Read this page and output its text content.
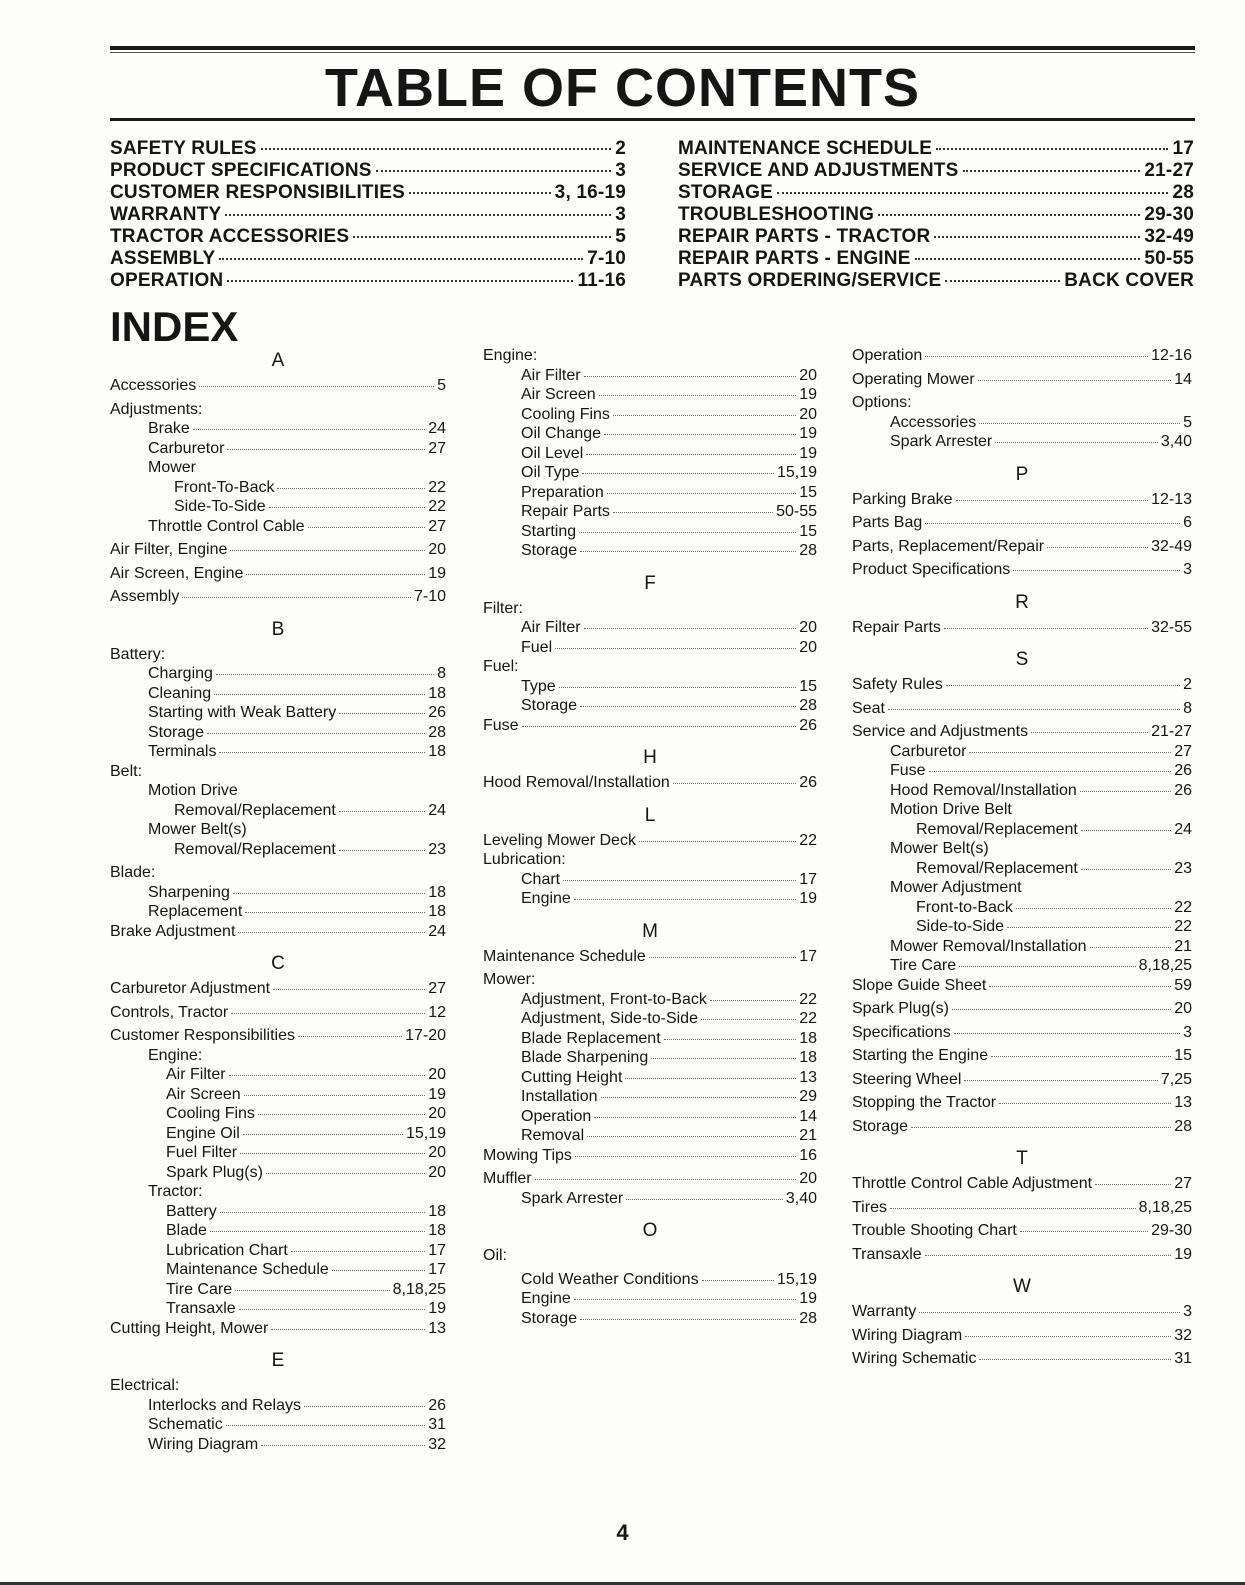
TABLE OF CONTENTS
SAFETY RULES	2
PRODUCT SPECIFICATIONS	3
CUSTOMER RESPONSIBILITIES	3, 16-19
WARRANTY	3
TRACTOR ACCESSORIES	5
ASSEMBLY	7-10
OPERATION	11-16
MAINTENANCE SCHEDULE	17
SERVICE AND ADJUSTMENTS	21-27
STORAGE	28
TROUBLESHOOTING	29-30
REPAIR PARTS - TRACTOR	32-49
REPAIR PARTS - ENGINE	50-55
PARTS ORDERING/SERVICE	BACK COVER
INDEX
A
Accessories	5
Adjustments:
Brake	24
Carburetor	27
Mower
Front-To-Back	22
Side-To-Side	22
Throttle Control Cable	27
Air Filter, Engine	20
Air Screen, Engine	19
Assembly	7-10
B
Battery:
Charging	8
Cleaning	18
Starting with Weak Battery	26
Storage	28
Terminals	18
Belt:
Motion Drive
Removal/Replacement	24
Mower Belt(s)
Removal/Replacement	23
Blade:
Sharpening	18
Replacement	18
Brake Adjustment	24
C
Carburetor Adjustment	27
Controls, Tractor	12
Customer Responsibilities	17-20
Engine:
Air Filter	20
Air Screen	19
Cooling Fins	20
Engine Oil	15,19
Fuel Filter	20
Spark Plug(s)	20
Tractor:
Battery	18
Blade	18
Lubrication Chart	17
Maintenance Schedule	17
Tire Care	8,18,25
Transaxle	19
Cutting Height, Mower	13
E
Electrical:
Interlocks and Relays	26
Schematic	31
Wiring Diagram	32
Engine:
Air Filter	20
Air Screen	19
Cooling Fins	20
Oil Change	19
Oil Level	19
Oil Type	15,19
Preparation	15
Repair Parts	50-55
Starting	15
Storage	28
F
Filter:
Air Filter	20
Fuel	20
Fuel:
Type	15
Storage	28
Fuse	26
H
Hood Removal/Installation	26
L
Leveling Mower Deck	22
Lubrication:
Chart	17
Engine	19
M
Maintenance Schedule	17
Mower:
Adjustment, Front-to-Back	22
Adjustment, Side-to-Side	22
Blade Replacement	18
Blade Sharpening	18
Cutting Height	13
Installation	29
Operation	14
Removal	21
Mowing Tips	16
Muffler	20
Spark Arrester	3,40
O
Oil:
Cold Weather Conditions	15,19
Engine	19
Storage	28
Operation	12-16
Operating Mower	14
Options:
Accessories	5
Spark Arrester	3,40
P
Parking Brake	12-13
Parts Bag	6
Parts, Replacement/Repair	32-49
Product Specifications	3
R
Repair Parts	32-55
S
Safety Rules	2
Seat	8
Service and Adjustments	21-27
Carburetor	27
Fuse	26
Hood Removal/Installation	26
Motion Drive Belt
Removal/Replacement	24
Mower Belt(s)
Removal/Replacement	23
Mower Adjustment
Front-to-Back	22
Side-to-Side	22
Mower Removal/Installation	21
Tire Care	8,18,25
Slope Guide Sheet	59
Spark Plug(s)	20
Specifications	3
Starting the Engine	15
Steering Wheel	7,25
Stopping the Tractor	13
Storage	28
T
Throttle Control Cable Adjustment	27
Tires	8,18,25
Trouble Shooting Chart	29-30
Transaxle	19
W
Warranty	3
Wiring Diagram	32
Wiring Schematic	31
4
